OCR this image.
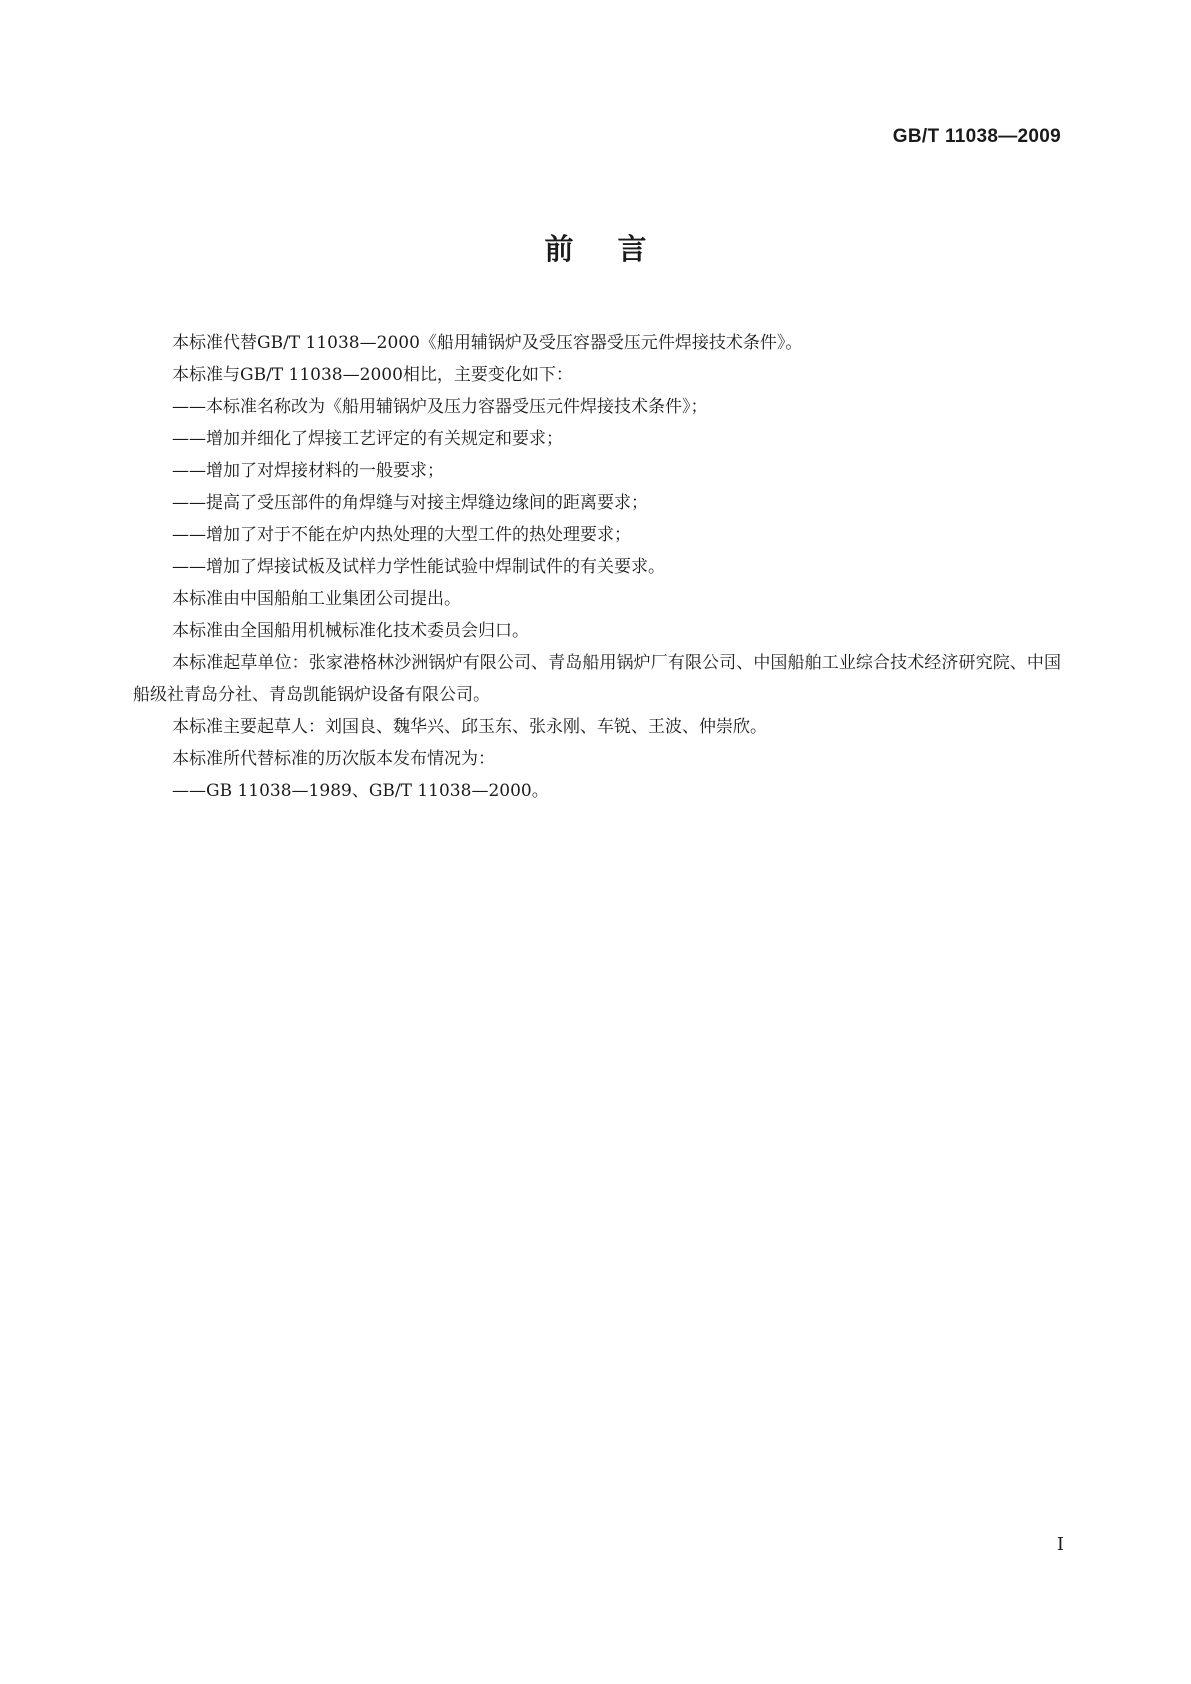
GB/T 11038—2009
前言

本标准代替GB/T 11038—2000《船用辅锅炉及受压容器受压元件焊接技术条件》。

本标准与GB/T 11038—2000相比，主要变化如下：

——本标准名称改为《船用辅锅炉及压力容器受压元件焊接技术条件》；

——增加并细化了焊接工艺评定的有关规定和要求；

——增加了对焊接材料的一般要求；

——提高了受压部件的角焊缝与对接主焊缝边缘间的距离要求；

——增加了对于不能在炉内热处理的大型工件的热处理要求；

——增加了焊接试板及试样力学性能试验中焊制试件的有关要求。

本标准由中国船舶工业集团公司提出。

本标准由全国船用机械标准化技术委员会归口。

本标准起草单位：张家港格林沙洲锅炉有限公司、青岛船用锅炉厂有限公司、中国船舶工业综合技术经济研究院、中国船级社青岛分社、青岛凯能锅炉设备有限公司。

本标准主要起草人：刘国良、魏华兴、邱玉东、张永刚、车锐、王波、仲崇欣。

本标准所代替标准的历次版本发布情况为：

——GB 11038—1989、GB/T 11038—2000。

I
